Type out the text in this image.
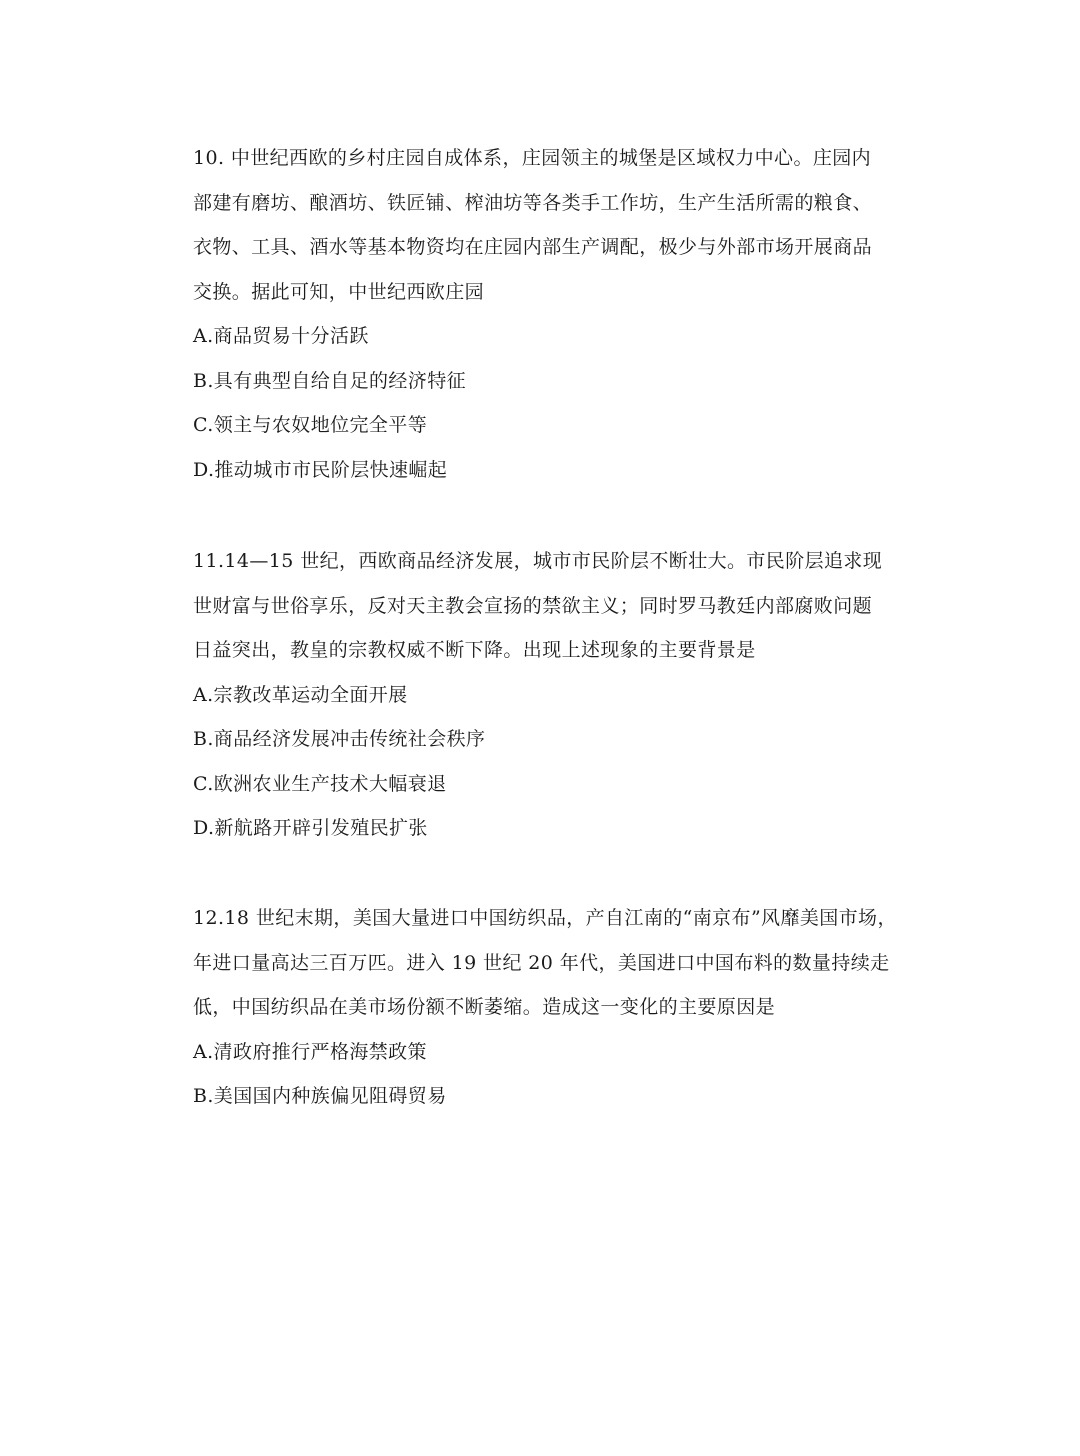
10. 中世纪西欧的乡村庄园自成体系，庄园领主的城堡是区域权力中心。庄园内
部建有磨坊、酿酒坊、铁匠铺、榨油坊等各类手工作坊，生产生活所需的粮食、
衣物、工具、酒水等基本物资均在庄园内部生产调配，极少与外部市场开展商品
交换。据此可知，中世纪西欧庄园

A.商品贸易十分活跃
B.具有典型自给自足的经济特征
C.领主与农奴地位完全平等
D.推动城市市民阶层快速崛起

11.14—15 世纪，西欧商品经济发展，城市市民阶层不断壮大。市民阶层追求现
世财富与世俗享乐，反对天主教会宣扬的禁欲主义；同时罗马教廷内部腐败问题
日益突出，教皇的宗教权威不断下降。出现上述现象的主要背景是

A.宗教改革运动全面开展
B.商品经济发展冲击传统社会秩序
C.欧洲农业生产技术大幅衰退
D.新航路开辟引发殖民扩张

12.18 世纪末期，美国大量进口中国纺织品，产自江南的“南京布”风靡美国市场，
年进口量高达三百万匹。进入 19 世纪 20 年代，美国进口中国布料的数量持续走
低，中国纺织品在美市场份额不断萎缩。造成这一变化的主要原因是

A.清政府推行严格海禁政策
B.美国国内种族偏见阻碍贸易
